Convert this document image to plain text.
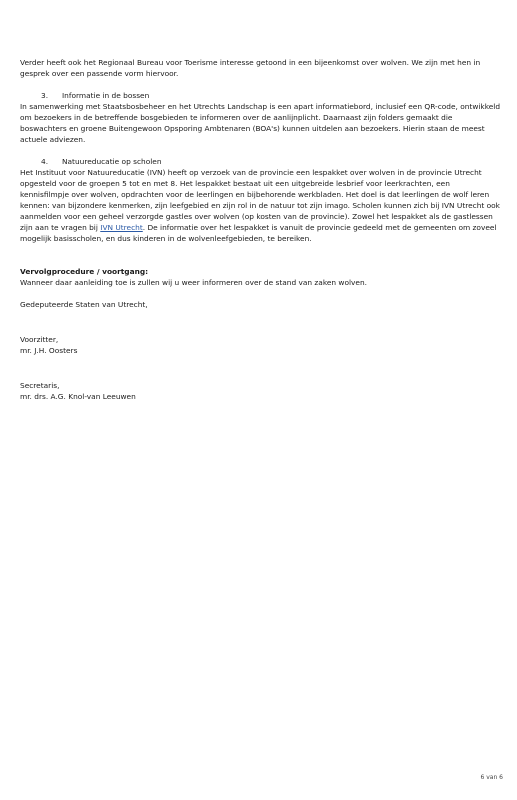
Verder heeft ook het Regionaal Bureau voor Toerisme interesse getoond in een bijeenkomst over wolven. We zijn met hen in gesprek over een passende vorm hiervoor.

3.	Informatie in de bossen

In samenwerking met Staatsbosbeheer en het Utrechts Landschap is een apart informatiebord, inclusief een QR-code, ontwikkeld om bezoekers in de betreffende bosgebieden te informeren over de aanlijnplicht. Daarnaast zijn folders gemaakt die boswachters en groene Buitengewoon Opsporing Ambtenaren (BOA's) kunnen uitdelen aan bezoekers. Hierin staan de meest actuele adviezen.

4.	Natuureducatie op scholen

Het Instituut voor Natuureducatie (IVN) heeft op verzoek van de provincie een lespakket over wolven in de provincie Utrecht opgesteld voor de groepen 5 tot en met 8. Het lespakket bestaat uit een uitgebreide lesbrief voor leerkrachten, een kennisfilmpje over wolven, opdrachten voor de leerlingen en bijbehorende werkbladen. Het doel is dat leerlingen de wolf leren kennen: van bijzondere kenmerken, zijn leefgebied en zijn rol in de natuur tot zijn imago. Scholen kunnen zich bij IVN Utrecht ook aanmelden voor een geheel verzorgde gastles over wolven (op kosten van de provincie). Zowel het lespakket als de gastlessen zijn aan te vragen bij IVN Utrecht. De informatie over het lespakket is vanuit de provincie gedeeld met de gemeenten om zoveel mogelijk basisscholen, en dus kinderen in de wolvenleefgebieden, te bereiken.

Vervolgprocedure / voortgang:

Wanneer daar aanleiding toe is zullen wij u weer informeren over de stand van zaken wolven.

Gedeputeerde Staten van Utrecht,

Voorzitter,

mr. J.H. Oosters

Secretaris,

mr. drs. A.G. Knol-van Leeuwen

6 van 6
